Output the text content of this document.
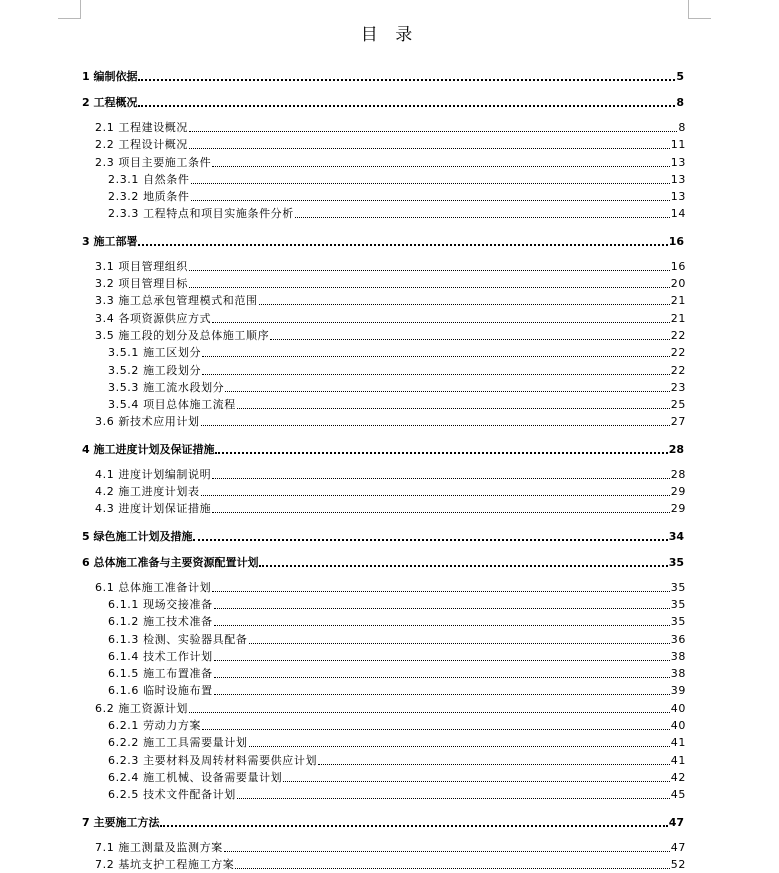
目 录
1 编制依据	5
2 工程概况	8
2.1 工程建设概况	8
2.2 工程设计概况	11
2.3 项目主要施工条件	13
2.3.1 自然条件	13
2.3.2 地质条件	13
2.3.3 工程特点和项目实施条件分析	14
3 施工部署	16
3.1 项目管理组织	16
3.2 项目管理目标	20
3.3 施工总承包管理模式和范围	21
3.4 各项资源供应方式	21
3.5 施工段的划分及总体施工顺序	22
3.5.1 施工区划分	22
3.5.2 施工段划分	22
3.5.3 施工流水段划分	23
3.5.4 项目总体施工流程	25
3.6 新技术应用计划	27
4 施工进度计划及保证措施	28
4.1 进度计划编制说明	28
4.2 施工进度计划表	29
4.3 进度计划保证措施	29
5 绿色施工计划及措施	34
6 总体施工准备与主要资源配置计划	35
6.1 总体施工准备计划	35
6.1.1 现场交接准备	35
6.1.2 施工技术准备	35
6.1.3 检测、实验器具配备	36
6.1.4 技术工作计划	38
6.1.5 施工布置准备	38
6.1.6 临时设施布置	39
6.2 施工资源计划	40
6.2.1 劳动力方案	40
6.2.2 施工工具需要量计划	41
6.2.3 主要材料及周转材料需要供应计划	41
6.2.4 施工机械、设备需要量计划	42
6.2.5 技术文件配备计划	45
7 主要施工方法	47
7.1 施工测量及监测方案	47
7.2 基坑支护工程施工方案	52
